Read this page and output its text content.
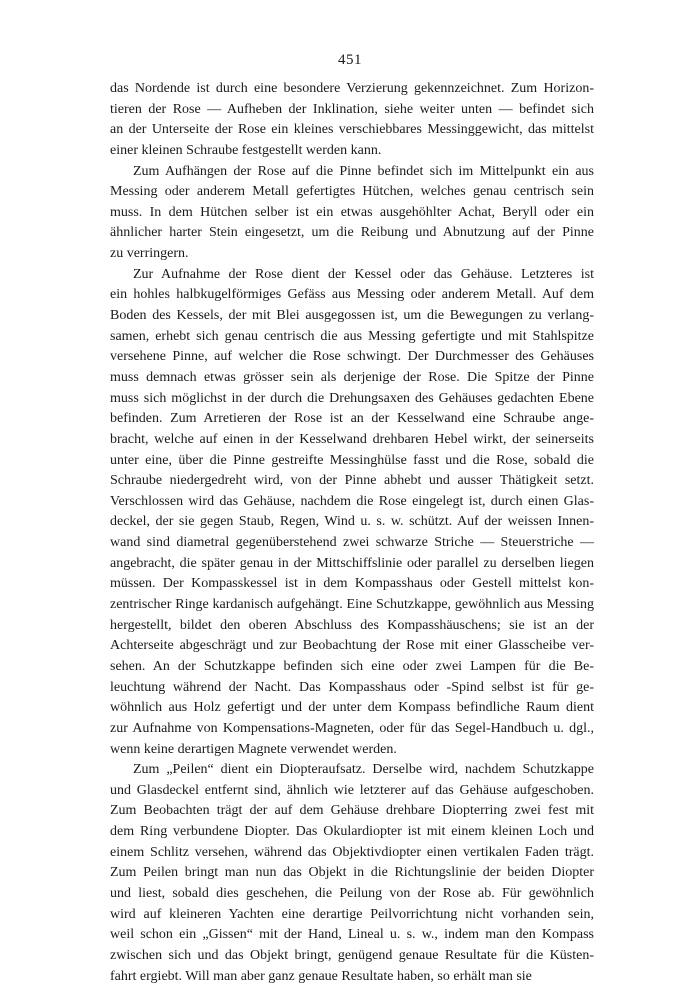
451
das Nordende ist durch eine besondere Verzierung gekennzeichnet. Zum Horizon-
tieren der Rose — Aufheben der Inklination, siehe weiter unten — befindet sich
an der Unterseite der Rose ein kleines verschiebbares Messinggewicht, das mittelst
einer kleinen Schraube festgestellt werden kann.
Zum Aufhängen der Rose auf die Pinne befindet sich im Mittelpunkt ein aus
Messing oder anderem Metall gefertigtes Hütchen, welches genau centrisch sein
muss. In dem Hütchen selber ist ein etwas ausgehöhlter Achat, Beryll oder ein
ähnlicher harter Stein eingesetzt, um die Reibung und Abnutzung auf der Pinne
zu verringern.
Zur Aufnahme der Rose dient der Kessel oder das Gehäuse. Letzteres ist
ein hohles halbkugelförmiges Gefäss aus Messing oder anderem Metall. Auf dem
Boden des Kessels, der mit Blei ausgegossen ist, um die Bewegungen zu verlang-
samen, erhebt sich genau centrisch die aus Messing gefertigte und mit Stahlspitze
versehene Pinne, auf welcher die Rose schwingt. Der Durchmesser des Gehäuses
muss demnach etwas grösser sein als derjenige der Rose. Die Spitze der Pinne
muss sich möglichst in der durch die Drehungsaxen des Gehäuses gedachten Ebene
befinden. Zum Arretieren der Rose ist an der Kesselwand eine Schraube ange-
bracht, welche auf einen in der Kesselwand drehbaren Hebel wirkt, der seinerseits
unter eine, über die Pinne gestreifte Messinghülse fasst und die Rose, sobald die
Schraube niedergedreht wird, von der Pinne abhebt und ausser Thätigkeit setzt.
Verschlossen wird das Gehäuse, nachdem die Rose eingelegt ist, durch einen Glas-
deckel, der sie gegen Staub, Regen, Wind u. s. w. schützt. Auf der weissen Innen-
wand sind diametral gegenüberstehend zwei schwarze Striche — Steuerstriche —
angebracht, die später genau in der Mittschiffslinie oder parallel zu derselben liegen
müssen. Der Kompasskessel ist in dem Kompasshaus oder Gestell mittelst kon-
zentrischer Ringe kardanisch aufgehängt. Eine Schutzkappe, gewöhnlich aus Messing
hergestellt, bildet den oberen Abschluss des Kompasshäuschens; sie ist an der
Achterseite abgeschrägt und zur Beobachtung der Rose mit einer Glasscheibe ver-
sehen. An der Schutzkappe befinden sich eine oder zwei Lampen für die Be-
leuchtung während der Nacht. Das Kompasshaus oder -Spind selbst ist für ge-
wöhnlich aus Holz gefertigt und der unter dem Kompass befindliche Raum dient
zur Aufnahme von Kompensations-Magneten, oder für das Segel-Handbuch u. dgl.,
wenn keine derartigen Magnete verwendet werden.
Zum „Peilen“ dient ein Diopteraufsatz. Derselbe wird, nachdem Schutzkappe
und Glasdeckel entfernt sind, ähnlich wie letzterer auf das Gehäuse aufgeschoben.
Zum Beobachten trägt der auf dem Gehäuse drehbare Diopterring zwei fest mit
dem Ring verbundene Diopter. Das Okulardiopter ist mit einem kleinen Loch und
einem Schlitz versehen, während das Objektivdiopter einen vertikalen Faden trägt.
Zum Peilen bringt man nun das Objekt in die Richtungslinie der beiden Diopter
und liest, sobald dies geschehen, die Peilung von der Rose ab. Für gewöhnlich
wird auf kleineren Yachten eine derartige Peilvorrichtung nicht vorhanden sein,
weil schon ein „Gissen“ mit der Hand, Lineal u. s. w., indem man den Kompass
zwischen sich und das Objekt bringt, genügend genaue Resultate für die Küsten-
fahrt ergiebt. Will man aber ganz genaue Resultate haben, so erhält man sie
